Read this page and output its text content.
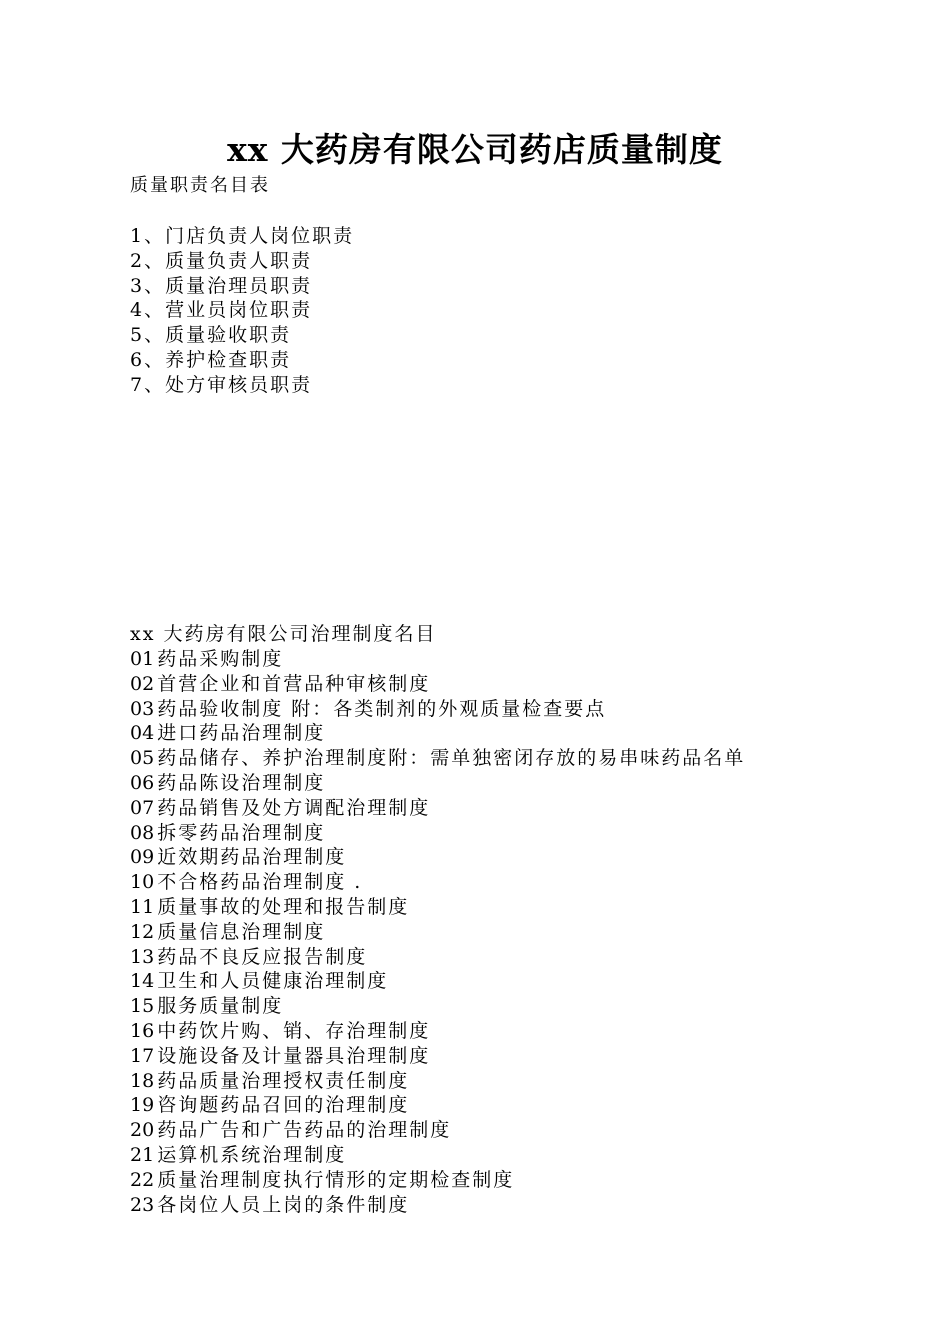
xx 大药房有限公司药店质量制度

质量职责名目表

1、门店负责人岗位职责
2、质量负责人职责
3、质量治理员职责
4、营业员岗位职责
5、质量验收职责
6、养护检查职责
7、处方审核员职责

xx 大药房有限公司治理制度名目

01 药品采购制度
02 首营企业和首营品种审核制度
03 药品验收制度 附：各类制剂的外观质量检查要点
04 进口药品治理制度
05 药品储存、养护治理制度附：需单独密闭存放的易串味药品名单
06 药品陈设治理制度
07 药品销售及处方调配治理制度
08 拆零药品治理制度
09 近效期药品治理制度
10 不合格药品治理制度 .
11 质量事故的处理和报告制度
12 质量信息治理制度
13 药品不良反应报告制度
14 卫生和人员健康治理制度
15 服务质量制度
16 中药饮片购、销、存治理制度
17 设施设备及计量器具治理制度
18 药品质量治理授权责任制度
19 咨询题药品召回的治理制度
20 药品广告和广告药品的治理制度
21 运算机系统治理制度
22 质量治理制度执行情形的定期检查制度
23 各岗位人员上岗的条件制度
